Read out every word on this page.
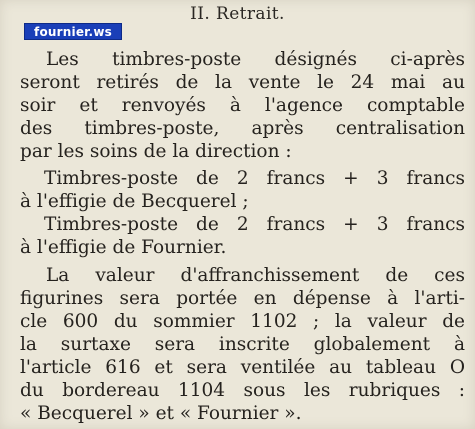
II. Retrait.
fournier.ws
Les timbres-poste désignés ci-après
seront retirés de la vente le 24 mai au
soir et renvoyés à l'agence comptable
des timbres-poste, après centralisation
par les soins de la direction :
Timbres-poste de 2 francs + 3 francs
à l'effigie de Becquerel ;
Timbres-poste de 2 francs + 3 francs
à l'effigie de Fournier.
La valeur d'affranchissement de ces
figurines sera portée en dépense à l'arti-
cle 600 du sommier 1102 ; la valeur de
la surtaxe sera inscrite globalement à
l'article 616 et sera ventilée au tableau O
du bordereau 1104 sous les rubriques :
« Becquerel » et « Fournier ».
